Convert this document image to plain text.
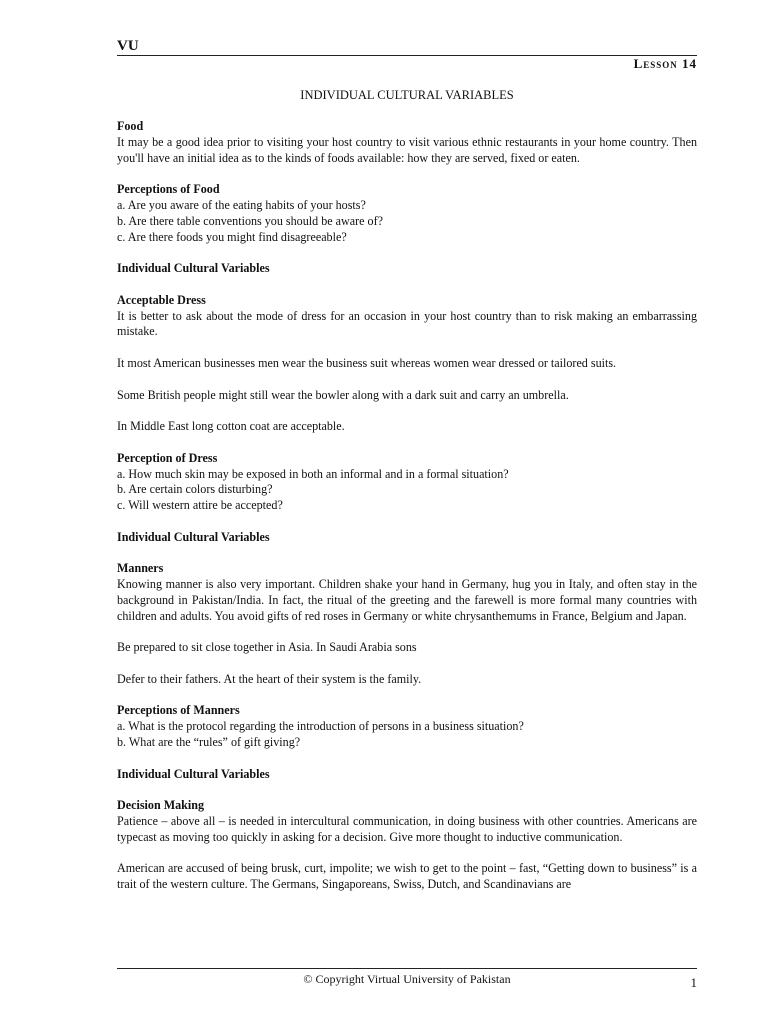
VU
Lesson 14
INDIVIDUAL CULTURAL VARIABLES
Food

It may be a good idea prior to visiting your host country to visit various ethnic restaurants in your home country. Then you'll have an initial idea as to the kinds of foods available: how they are served, fixed or eaten.

Perceptions of Food
a. Are you aware of the eating habits of your hosts?
b. Are there table conventions you should be aware of?
c. Are there foods you might find disagreeable?
Individual Cultural Variables
Acceptable Dress

It is better to ask about the mode of dress for an occasion in your host country than to risk making an embarrassing mistake.

It most American businesses men wear the business suit whereas women wear dressed or tailored suits.

Some British people might still wear the bowler along with a dark suit and carry an umbrella.

In Middle East long cotton coat are acceptable.

Perception of Dress
a. How much skin may be exposed in both an informal and in a formal situation?
b. Are certain colors disturbing?
c. Will western attire be accepted?
Individual Cultural Variables
Manners

Knowing manner is also very important. Children shake your hand in Germany, hug you in Italy, and often stay in the background in Pakistan/India. In fact, the ritual of the greeting and the farewell is more formal many countries with children and adults. You avoid gifts of red roses in Germany or white chrysanthemums in France, Belgium and Japan.

Be prepared to sit close together in Asia. In Saudi Arabia sons

Defer to their fathers. At the heart of their system is the family.

Perceptions of Manners
a. What is the protocol regarding the introduction of persons in a business situation?
b. What are the “rules” of gift giving?
Individual Cultural Variables
Decision Making

Patience – above all – is needed in intercultural communication, in doing business with other countries. Americans are typecast as moving too quickly in asking for a decision. Give more thought to inductive communication.

American are accused of being brusk, curt, impolite; we wish to get to the point – fast, “Getting down to business” is a trait of the western culture. The Germans, Singaporeans, Swiss, Dutch, and Scandinavians are

© Copyright Virtual University of Pakistan	1
